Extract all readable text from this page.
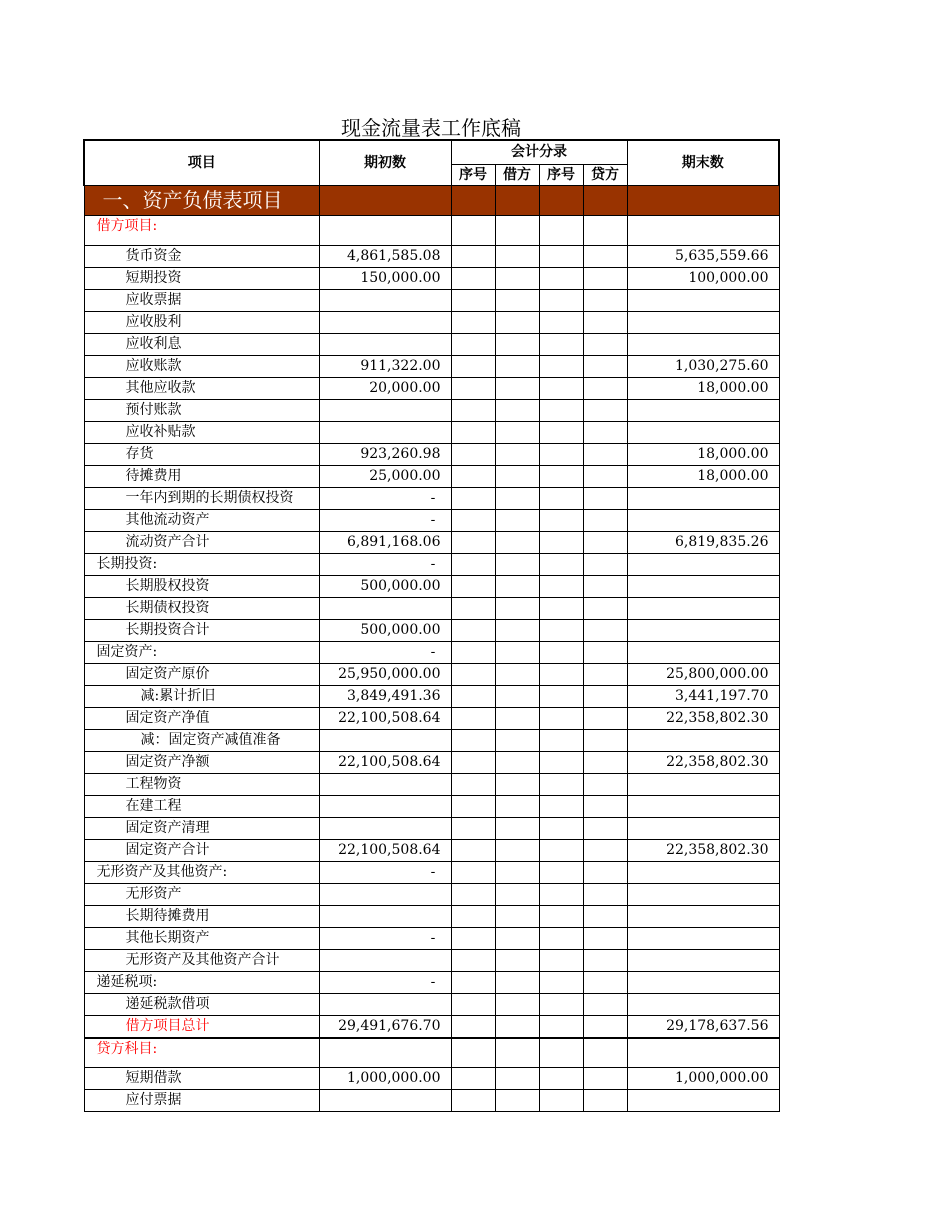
现金流量表工作底稿
项目	期初数	会计分录				期末数
		序号	借方	序号	贷方	
一、资产负债表项目						
借方项目:						
货币资金	4,861,585.08					5,635,559.66
短期投资	150,000.00					100,000.00
应收票据						
应收股利						
应收利息						
应收账款	911,322.00					1,030,275.60
其他应收款	20,000.00					18,000.00
预付账款						
应收补贴款						
存货	923,260.98					18,000.00
待摊费用	25,000.00					18,000.00
一年内到期的长期债权投资	-					
其他流动资产	-					
流动资产合计	6,891,168.06					6,819,835.26
长期投资:	-					
长期股权投资	500,000.00					
长期债权投资						
长期投资合计	500,000.00					
固定资产:	-					
固定资产原价	25,950,000.00					25,800,000.00
减:累计折旧	3,849,491.36					3,441,197.70
固定资产净值	22,100,508.64					22,358,802.30
减：固定资产减值准备						
固定资产净额	22,100,508.64					22,358,802.30
工程物资						
在建工程						
固定资产清理						
固定资产合计	22,100,508.64					22,358,802.30
无形资产及其他资产:	-					
无形资产						
长期待摊费用						
其他长期资产	-					
无形资产及其他资产合计						
递延税项:	-					
递延税款借项						
借方项目总计	29,491,676.70					29,178,637.56
贷方科目:						
短期借款	1,000,000.00					1,000,000.00
应付票据						
